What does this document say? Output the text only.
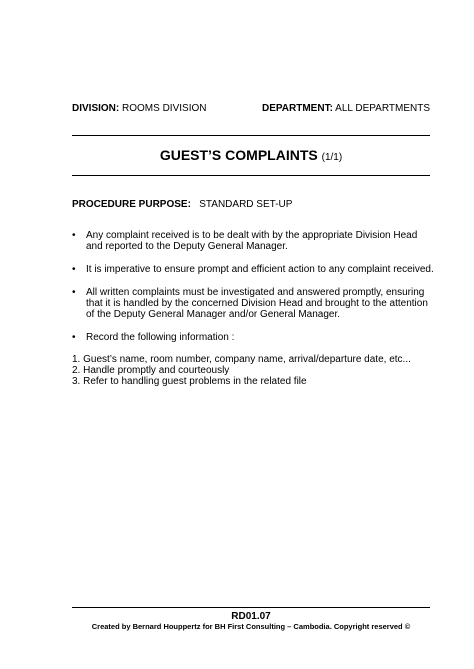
DIVISION: ROOMS DIVISION	DEPARTMENT: ALL DEPARTMENTS
GUEST’S COMPLAINTS (1/1)
PROCEDURE PURPOSE: STANDARD SET-UP
• Any complaint received is to be dealt with by the appropriate Division Head and reported to the Deputy General Manager.
• It is imperative to ensure prompt and efficient action to any complaint received.
• All written complaints must be investigated and answered promptly, ensuring that it is handled by the concerned Division Head and brought to the attention of the Deputy General Manager and/or General Manager.
• Record the following information :
1. Guest’s name, room number, company name, arrival/departure date, etc...
2. Handle promptly and courteously
3. Refer to handling guest problems in the related file
RD01.07
Created by Bernard Houppertz for BH First Consulting – Cambodia. Copyright reserved ©
